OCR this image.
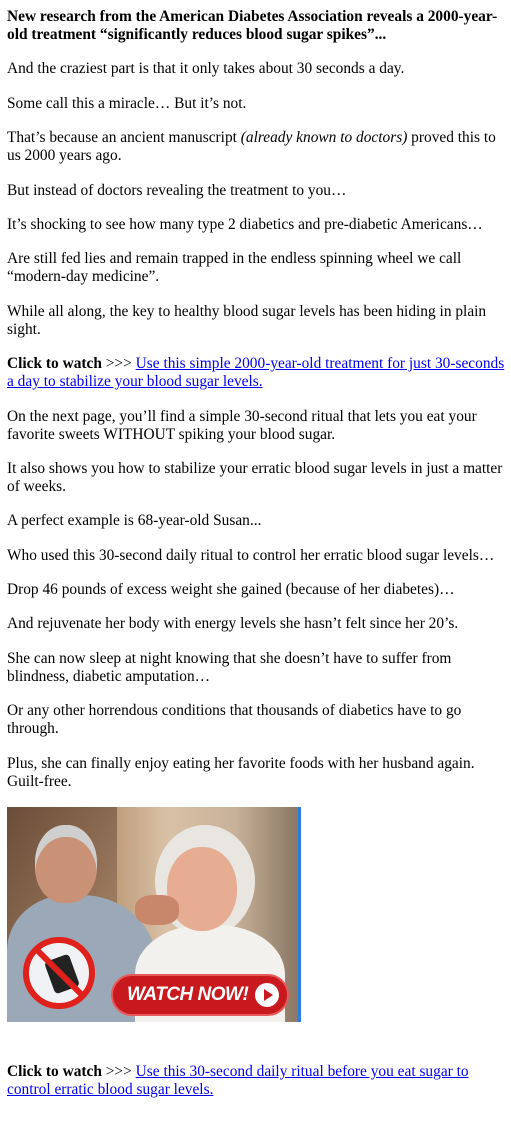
New research from the American Diabetes Association reveals a 2000-year-old treatment “significantly reduces blood sugar spikes”...

And the craziest part is that it only takes about 30 seconds a day.

Some call this a miracle… But it’s not.

That’s because an ancient manuscript (already known to doctors) proved this to us 2000 years ago.

But instead of doctors revealing the treatment to you…

It’s shocking to see how many type 2 diabetics and pre-diabetic Americans…

Are still fed lies and remain trapped in the endless spinning wheel we call “modern-day medicine”.

While all along, the key to healthy blood sugar levels has been hiding in plain sight.

Click to watch >>> Use this simple 2000-year-old treatment for just 30-seconds a day to stabilize your blood sugar levels.

On the next page, you’ll find a simple 30-second ritual that lets you eat your favorite sweets WITHOUT spiking your blood sugar.

It also shows you how to stabilize your erratic blood sugar levels in just a matter of weeks.

A perfect example is 68-year-old Susan...

Who used this 30-second daily ritual to control her erratic blood sugar levels…

Drop 46 pounds of excess weight she gained (because of her diabetes)…

And rejuvenate her body with energy levels she hasn’t felt since her 20’s.

She can now sleep at night knowing that she doesn’t have to suffer from blindness, diabetic amputation…

Or any other horrendous conditions that thousands of diabetics have to go through.

Plus, she can finally enjoy eating her favorite foods with her husband again. Guilt-free.

WATCH NOW!

Click to watch >>> Use this 30-second daily ritual before you eat sugar to control erratic blood sugar levels.
